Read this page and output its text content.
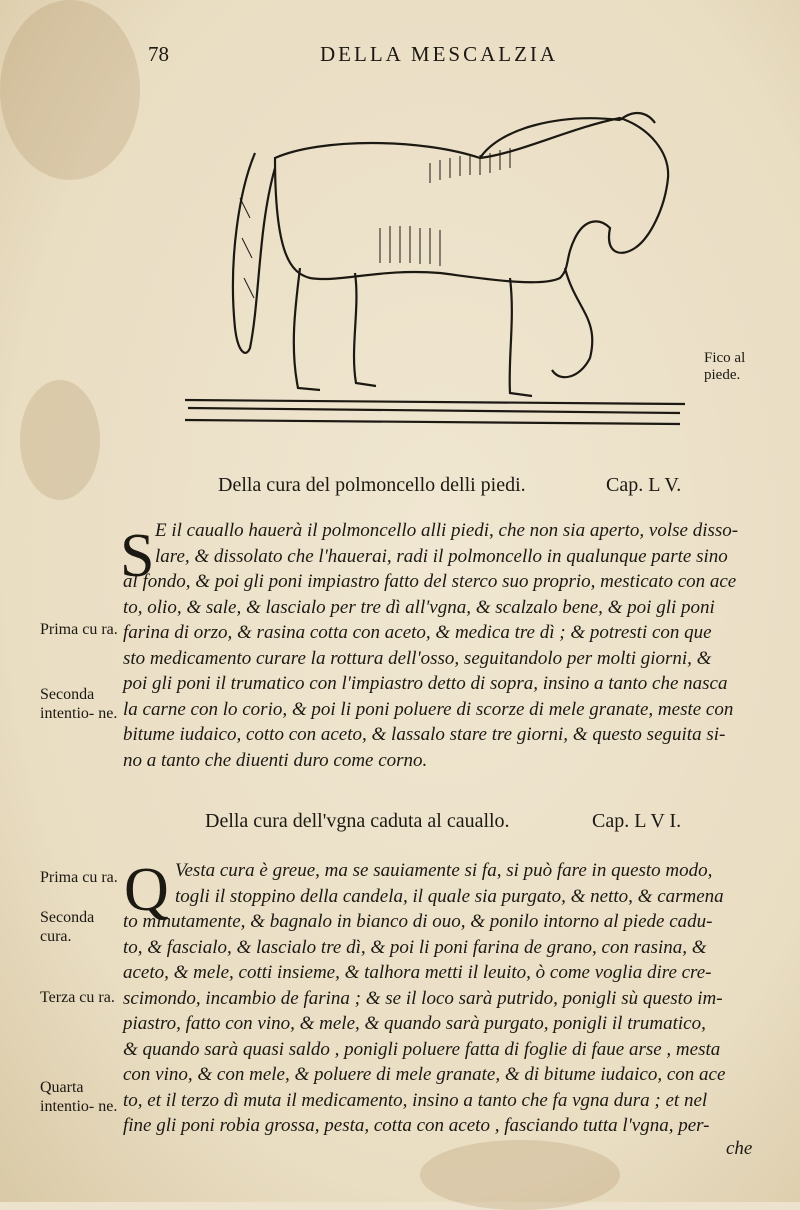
78	DELLA MESCALZIA
Fico al
piede.
Della cura del polmoncello delli piedi.	Cap. L V.
S E il cauallo hauerà il polmoncello alli piedi, che non sia aperto, volse disso-
lare, & dissolato che l'hauerai, radi il polmoncello in qualunque parte sino
al fondo, & poi gli poni impiastro fatto del sterco suo proprio, mesticato con ace
to, olio, & sale, & lascialo per tre dì all'vgna, & scalzalo bene, & poi gli poni
farina di orzo, & rasina cotta con aceto, & medica tre dì ; & potresti con que
sto medicamento curare la rottura dell'osso, seguitandolo per molti giorni, &
poi gli poni il trumatico con l'impiastro detto di sopra, insino a tanto che nasca
la carne con lo corio, & poi li poni poluere di scorze di mele granate, meste con
bitume iudaico, cotto con aceto, & lassalo stare tre giorni, & questo seguita si-
no a tanto che diuenti duro come corno.
Prima cu ra.
Seconda intentio- ne.
Della cura dell'vgna caduta al cauallo.	Cap. L V I.
Q Vesta cura è greue, ma se sauiamente si fa, si può fare in questo modo,
togli il stoppino della candela, il quale sia purgato, & netto, & carmena
to minutamente, & bagnalo in bianco di ouo, & ponilo intorno al piede cadu-
to, & fascialo, & lascialo tre dì, & poi li poni farina de grano, con rasina, &
aceto, & mele, cotti insieme, & talhora metti il leuito, ò come voglia dire cre-
scimondo, incambio de farina ; & se il loco sarà putrido, ponigli sù questo im-
piastro, fatto con vino, & mele, & quando sarà purgato, ponigli il trumatico,
& quando sarà quasi saldo , ponigli poluere fatta di foglie di faue arse , mesta
con vino, & con mele, & poluere di mele granate, & di bitume iudaico, con ace
to, et il terzo dì muta il medicamento, insino a tanto che fa vgna dura ; et nel
fine gli poni robia grossa, pesta, cotta con aceto , fasciando tutta l'vgna, per-
Prima cu ra.
Seconda cura.
Terza cu ra.
Quarta intentio- ne.
che
